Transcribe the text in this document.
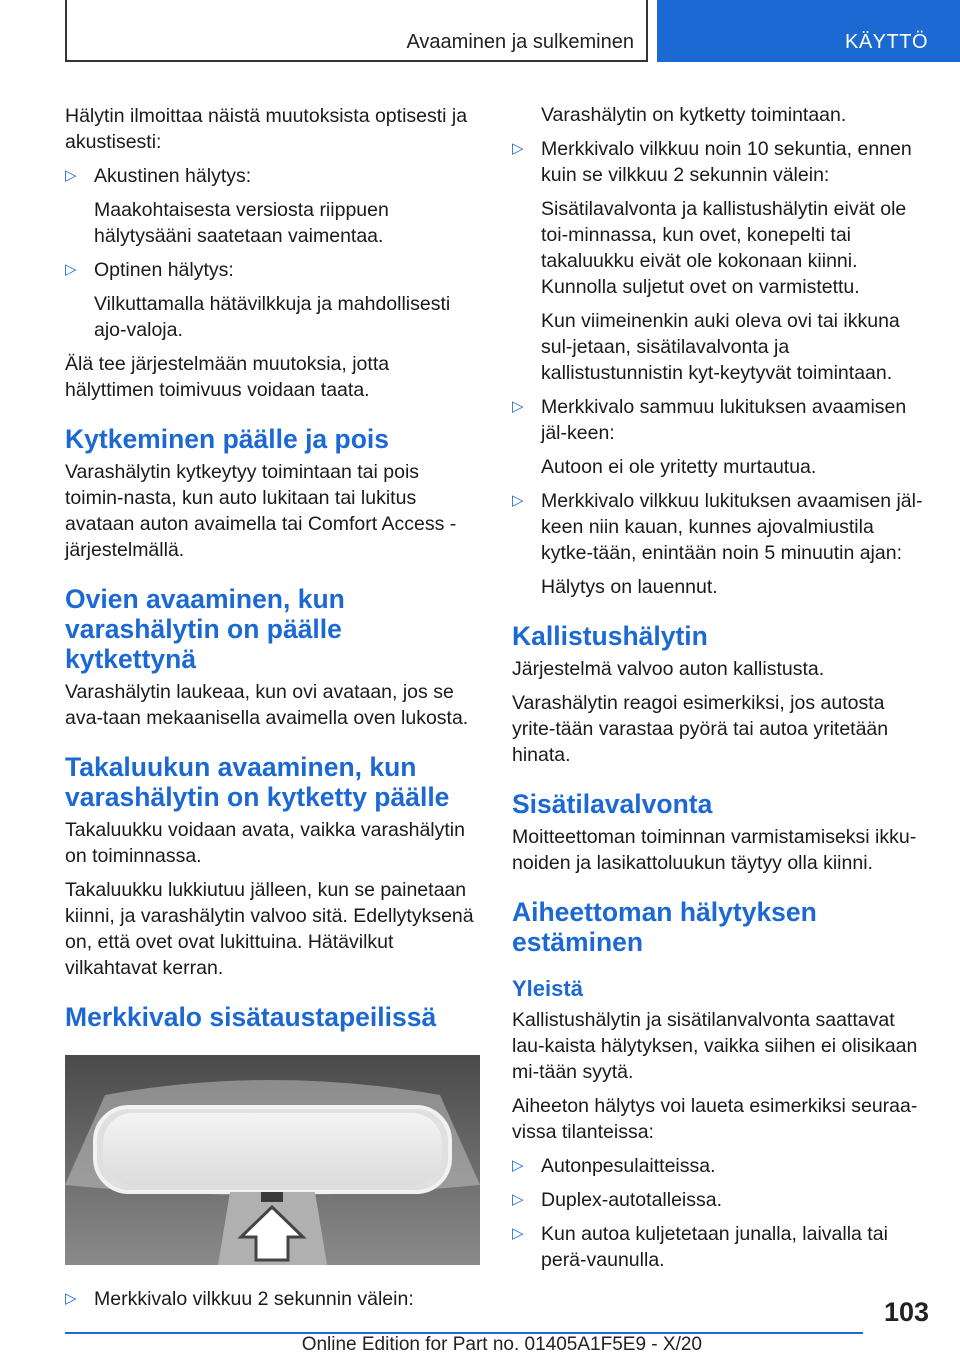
Avaaminen ja sulkeminen	KÄYTTÖ

Hälytin ilmoittaa näistä muutoksista optisesti ja akustisesti:

▷ Akustinen hälytys:

Maakohtaisesta versiosta riippuen hälytysääni saatetaan vaimentaa.

▷ Optinen hälytys:

Vilkuttamalla hätävilkkuja ja mahdollisesti ajo-valoja.

Älä tee järjestelmään muutoksia, jotta hälyttimen toimivuus voidaan taata.

Kytkeminen päälle ja pois

Varashälytin kytkeytyy toimintaan tai pois toimin-nasta, kun auto lukitaan tai lukitus avataan auton avaimella tai Comfort Access -järjestelmällä.

Ovien avaaminen, kun varashälytin on päälle kytkettynä

Varashälytin laukeaa, kun ovi avataan, jos se ava-taan mekaanisella avaimella oven lukosta.

Takaluukun avaaminen, kun varashälytin on kytketty päälle

Takaluukku voidaan avata, vaikka varashälytin on toiminnassa.

Takaluukku lukkiutuu jälleen, kun se painetaan kiinni, ja varashälytin valvoo sitä. Edellytyksenä on, että ovet ovat lukittuina. Hätävilkut vilkahtavat kerran.

Merkkivalo sisätaustapeilissä
▷ Merkkivalo vilkkuu 2 sekunnin välein:

Varashälytin on kytketty toimintaan.

▷ Merkkivalo vilkkuu noin 10 sekuntia, ennen kuin se vilkkuu 2 sekunnin välein:

Sisätilavalvonta ja kallistushälytin eivät ole toi-minnassa, kun ovet, konepelti tai takaluukku eivät ole kokonaan kiinni. Kunnolla suljetut ovet on varmistettu.

Kun viimeinenkin auki oleva ovi tai ikkuna sul-jetaan, sisätilavalvonta ja kallistustunnistin kyt-keytyvät toimintaan.

▷ Merkkivalo sammuu lukituksen avaamisen jäl-keen:

Autoon ei ole yritetty murtautua.

▷ Merkkivalo vilkkuu lukituksen avaamisen jäl-keen niin kauan, kunnes ajovalmiustila kytke-tään, enintään noin 5 minuutin ajan:

Hälytys on lauennut.

Kallistushälytin

Järjestelmä valvoo auton kallistusta.

Varashälytin reagoi esimerkiksi, jos autosta yrite-tään varastaa pyörä tai autoa yritetään hinata.

Sisätilavalvonta

Moitteettoman toiminnan varmistamiseksi ikku-noiden ja lasikattoluukun täytyy olla kiinni.

Aiheettoman hälytyksen estäminen
Yleistä

Kallistushälytin ja sisätilanvalvonta saattavat lau-kaista hälytyksen, vaikka siihen ei olisikaan mi-tään syytä.

Aiheeton hälytys voi laueta esimerkiksi seuraa-vissa tilanteissa:

▷ Autonpesulaitteissa.
▷ Duplex-autotalleissa.
▷ Kun autoa kuljetetaan junalla, laivalla tai perä-vaunulla.
103
Online Edition for Part no. 01405A1F5E9 - X/20
